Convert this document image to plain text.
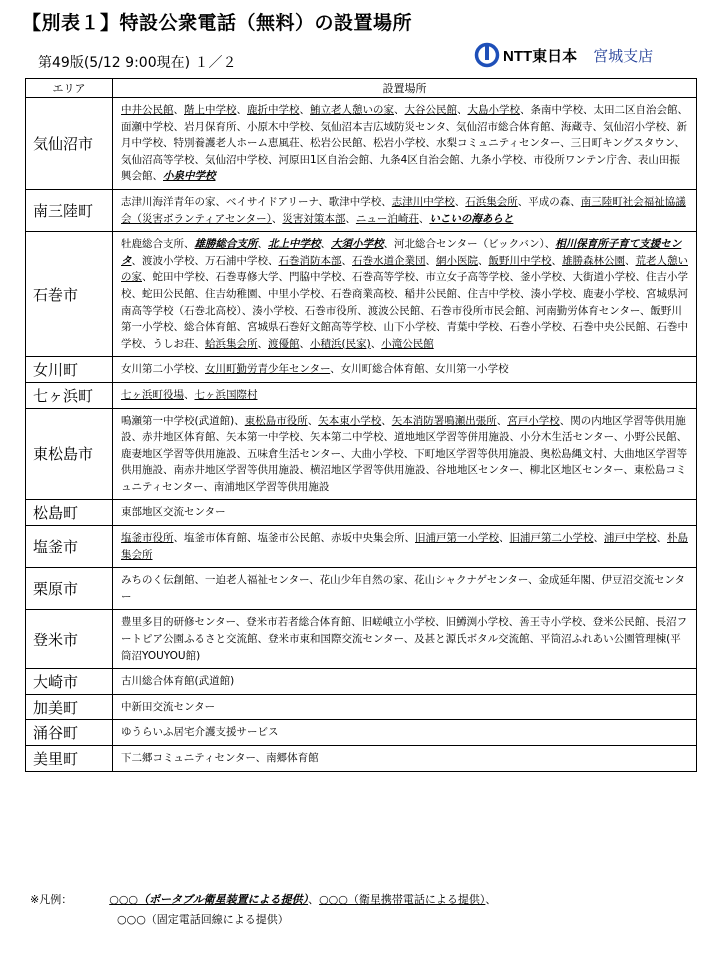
【別表１】特設公衆電話（無料）の設置場所
第49版(5/12 9:00現在) １／２	NTT東日本 宮城支店
エリア	設置場所
気仙沼市	中井公民館、階上中学校、鹿折中学校、鮪立老人憩いの家、大谷公民館、大島小学校、条南中学校、太田二区自治会館、面瀬中学校、岩月保育所、小原木中学校、気仙沼本吉広域防災センタ、気仙沼市総合体育館、海蔵寺、気仙沼小学校、新月中学校、特別養護老人ホーム恵風荘、松岩公民館、松岩小学校、水梨コミュニティセンター、三日町キングスタウン、気仙沼高等学校、気仙沼中学校、河原田1区自治会館、九条4区自治会館、九条小学校、市役所ワンテン庁舎、表山田振興会館、小泉中学校
南三陸町	志津川海洋青年の家、ベイサイドアリーナ、歌津中学校、志津川中学校、石浜集会所、平成の森、南三陸町社会福祉協議会（災害ボランティアセンター）、災害対策本部、ニュー泊崎荘、いこいの海あらと
石巻市	牡鹿総合支所、雄勝総合支所、北上中学校、大須小学校、河北総合センター（ビックバン）、相川保育所子育て支援センタ、渡波小学校、万石浦中学校、石巻消防本部、石巻水道企業団、網小医院、飯野川中学校、雄勝森林公園、荒老人憩いの家、蛇田中学校、石巻専修大学、門脇中学校、石巻高等学校、市立女子高等学校、釜小学校、大街道小学校、住吉小学校、蛇田公民館、住吉幼稚園、中里小学校、石巻商業高校、稲井公民館、住吉中学校、湊小学校、鹿妻小学校、宮城県河南高等学校（石巻北高校）、湊小学校、石巻市役所、渡波公民館、石巻市役所市民会館、河南勤労体育センター、飯野川第一小学校、総合体育館、宮城県石巻好文館高等学校、山下小学校、青葉中学校、石巻小学校、石巻中央公民館、石巻中学校、うしお荘、蛤浜集会所、渡優館、小積浜(民家)、小滝公民館
女川町	女川第二小学校、女川町勤労青少年センター、女川町総合体育館、女川第一小学校
七ヶ浜町	七ヶ浜町役場、七ヶ浜国際村
東松島市	鳴瀬第一中学校(武道館)、東松島市役所、矢本東小学校、矢本消防署鳴瀬出張所、宮戸小学校、関の内地区学習等供用施設、赤井地区体育館、矢本第一中学校、矢本第二中学校、道地地区学習等併用施設、小分木生活センター、小野公民館、鹿妻地区学習等供用施設、五味倉生活センター、大曲小学校、下町地区学習等供用施設、奥松島縄文村、大曲地区学習等供用施設、南赤井地区学習等供用施設、横沼地区学習等供用施設、谷地地区センター、柳北区地区センター、東松島コミュニティセンター、南浦地区学習等供用施設
松島町	東部地区交流センター
塩釜市	塩釜市役所、塩釜市体育館、塩釜市公民館、赤坂中央集会所、旧浦戸第一小学校、旧浦戸第二小学校、浦戸中学校、朴島集会所
栗原市	みちのく伝創館、一迫老人福祉センター、花山少年自然の家、花山シャクナゲセンター、金成延年閣、伊豆沼交流センター
登米市	豊里多目的研修センター、登米市若者総合体育館、旧嵯峨立小学校、旧鱒渕小学校、善王寺小学校、登米公民館、長沼フートピア公園ふるさと交流館、登米市東和国際交流センター、及甚と源氏ボタル交流館、平筒沼ふれあい公園管理棟(平筒沼YOUYOU館)
大崎市	古川総合体育館(武道館)
加美町	中新田交流センター
涌谷町	ゆうらいふ居宅介護支援サービス
美里町	下二郷コミュニティセンター、南郷体育館
※凡例：	○○○（ポータブル衛星装置による提供）、○○○（衛星携帯電話による提供）、
○○○（固定電話回線による提供）
